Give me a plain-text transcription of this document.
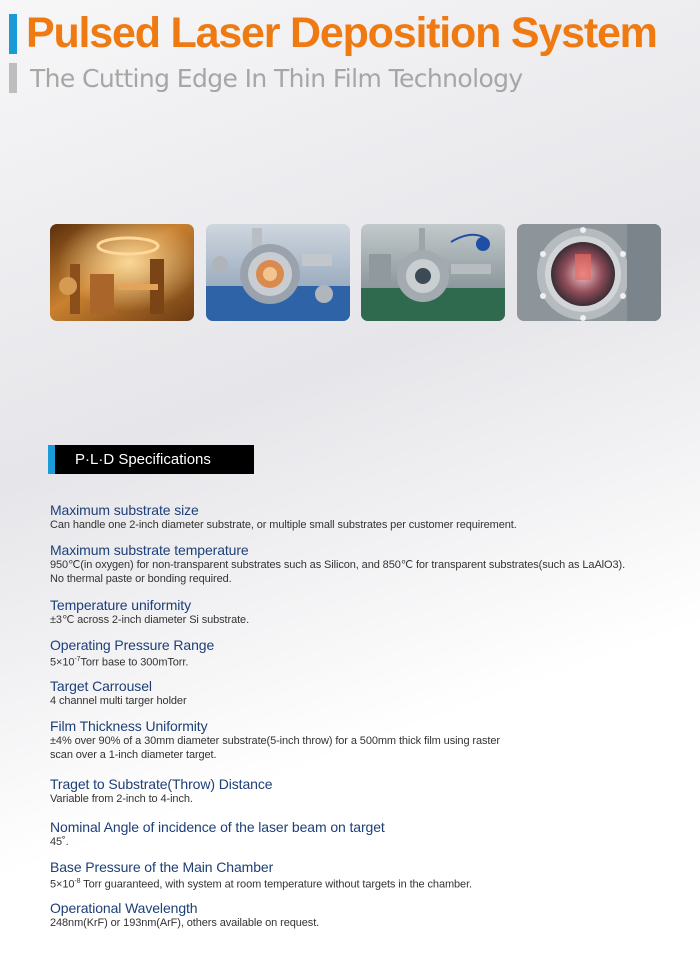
Pulsed Laser Deposition System
The Cutting Edge In Thin Film Technology
P·L·D Specifications
Maximum substrate size
Can handle one 2-inch diameter substrate, or multiple small substrates per customer requirement.
Maximum substrate temperature
950℃(in oxygen) for non-transparent substrates such as Silicon, and 850℃ for transparent substrates(such as LaAlO3).
No thermal paste or bonding required.
Temperature uniformity
±3℃ across 2-inch diameter Si substrate.
Operating Pressure Range
$5\times 10^{-7}Torr$ base to 300mTorr.
Target Carrousel
4 channel multi targer holder
Film Thickness Uniformity
±4% over 90% of a 30mm diameter substrate(5-inch throw) for a 500mm thick film using raster
scan over a 1-inch diameter target.
Traget to Substrate(Throw) Distance
Variable from 2-inch to 4-inch.
Nominal Angle of incidence of the laser beam on target
45˚.
Base Pressure of the Main Chamber
$5\times 10^{-8}$ Torr guaranteed, with system at room temperature without targets in the chamber.
Operational Wavelength
248nm(KrF) or 193nm(ArF), others available on request.
